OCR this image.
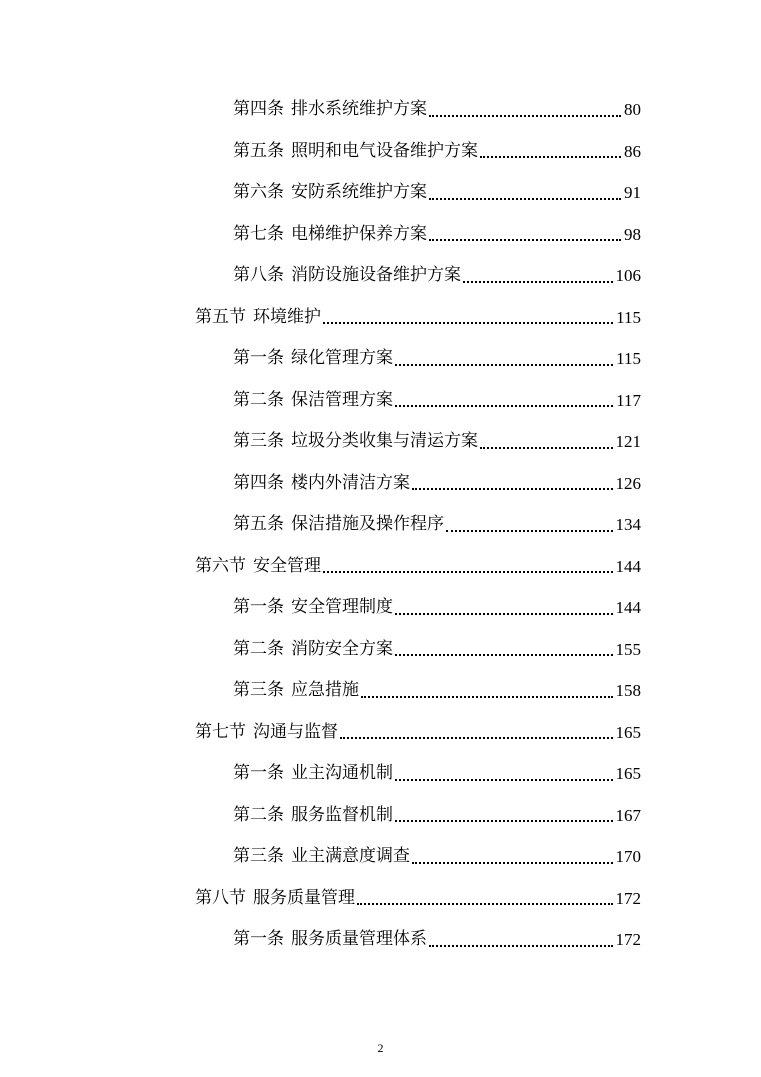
第四条 排水系统维护方案	80
第五条 照明和电气设备维护方案	86
第六条 安防系统维护方案	91
第七条 电梯维护保养方案	98
第八条 消防设施设备维护方案	106
第五节 环境维护	115
第一条 绿化管理方案	115
第二条 保洁管理方案	117
第三条 垃圾分类收集与清运方案	121
第四条 楼内外清洁方案	126
第五条 保洁措施及操作程序	134
第六节 安全管理	144
第一条 安全管理制度	144
第二条 消防安全方案	155
第三条 应急措施	158
第七节 沟通与监督	165
第一条 业主沟通机制	165
第二条 服务监督机制	167
第三条 业主满意度调查	170
第八节 服务质量管理	172
第一条 服务质量管理体系	172
2
